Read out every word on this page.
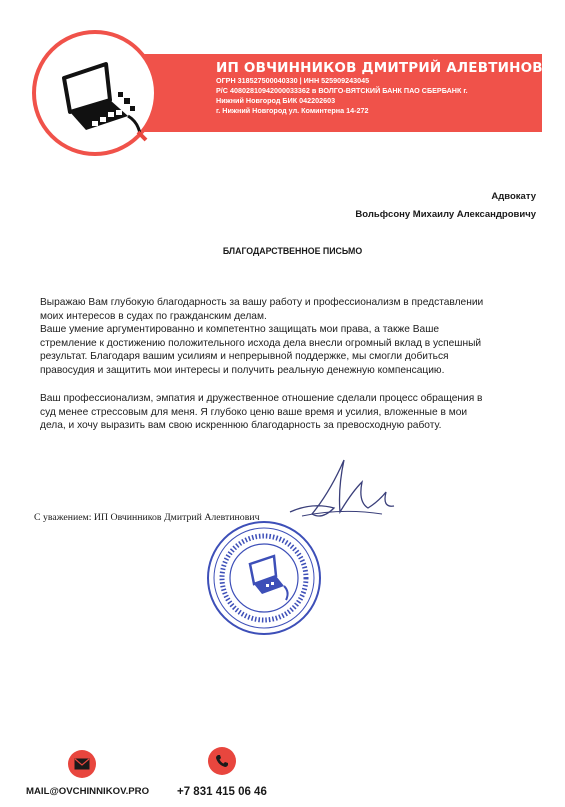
ИП ОВЧИННИКОВ ДМИТРИЙ АЛЕВТИНОВИЧ
ОГРН 318527500040330 | ИНН 525909243045
Р/С 40802810942000033362 в ВОЛГО-ВЯТСКИЙ БАНК ПАО СБЕРБАНК г.
Нижний Новгород БИК 042202603
г. Нижний Новгород ул. Коминтерна 14-272
Адвокату
Вольфсону Михаилу Александровичу
БЛАГОДАРСТВЕННОЕ ПИСЬМО

Выражаю Вам глубокую благодарность за вашу работу и профессионализм в представлении

моих интересов в судах по гражданским делам.

Ваше умение аргументированно и компетентно защищать мои права, а также Ваше

стремление к достижению положительного исхода дела внесли огромный вклад в успешный

результат. Благодаря вашим усилиям и непрерывной поддержке, мы смогли добиться

правосудия и защитить мои интересы и получить реальную денежную компенсацию.

Ваш профессионализм, эмпатия и дружественное отношение сделали процесс обращения в

суд менее стрессовым для меня. Я глубоко ценю ваше время и усилия, вложенные в мои

дела, и хочу выразить вам свою искреннюю благодарность за превосходную работу.

С уважением: ИП Овчинников Дмитрий Алевтинович
MAIL@OVCHINNIKOV.PRO +7 831 415 06 46
